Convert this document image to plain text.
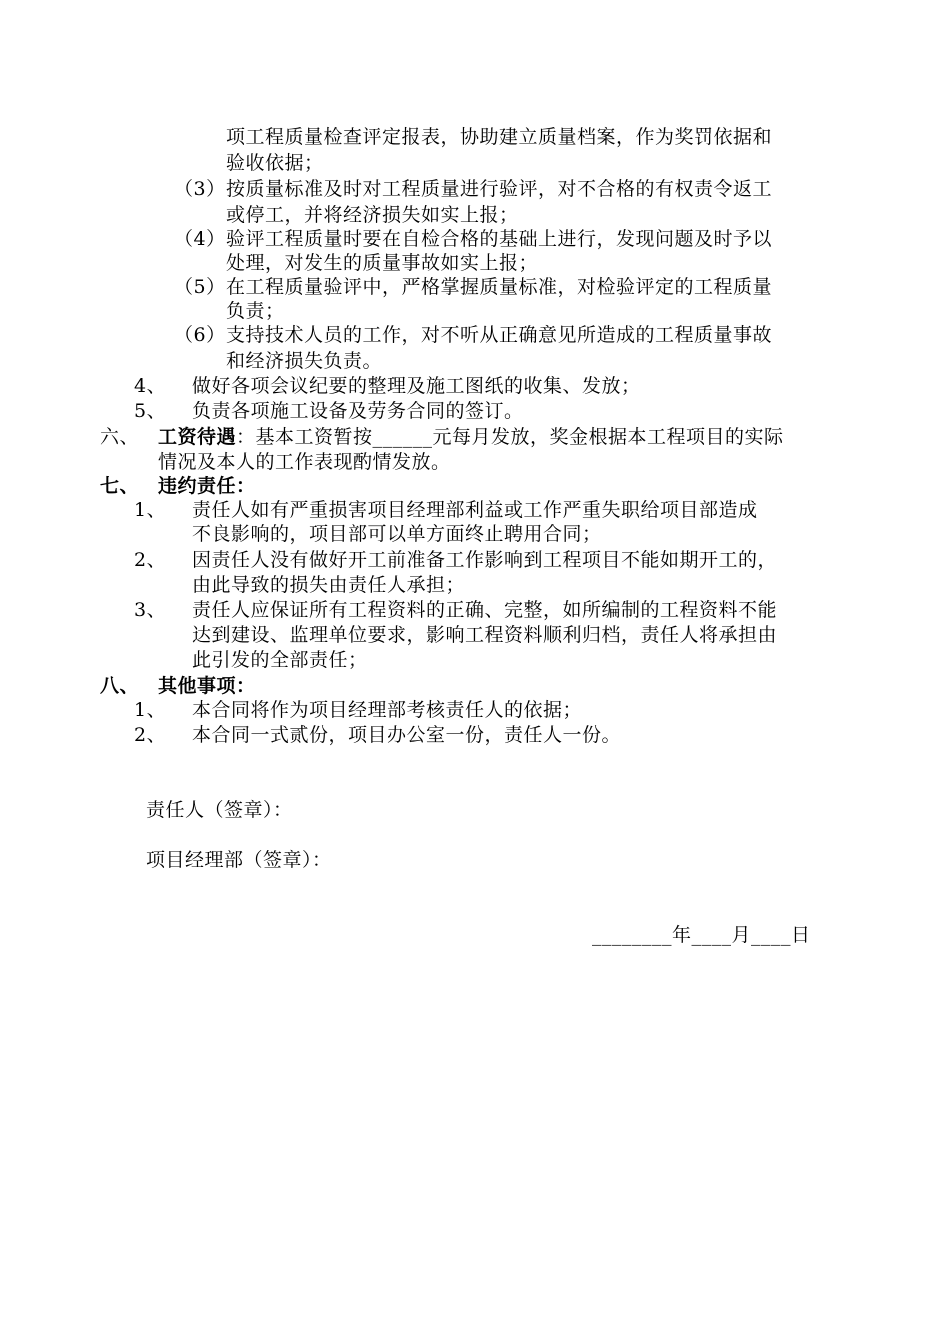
项工程质量检查评定报表，协助建立质量档案，作为奖罚依据和
验收依据；
（3） 按质量标准及时对工程质量进行验评，对不合格的有权责令返工
或停工，并将经济损失如实上报；
（4） 验评工程质量时要在自检合格的基础上进行，发现问题及时予以
处理，对发生的质量事故如实上报；
（5） 在工程质量验评中，严格掌握质量标准，对检验评定的工程质量
负责；
（6） 支持技术人员的工作，对不听从正确意见所造成的工程质量事故
和经济损失负责。
4、 做好各项会议纪要的整理及施工图纸的收集、发放；
5、 负责各项施工设备及劳务合同的签订。
六、 工资待遇：基本工资暂按______元每月发放，奖金根据本工程项目的实际
情况及本人的工作表现酌情发放。
七、 违约责任：
1、 责任人如有严重损害项目经理部利益或工作严重失职给项目部造成
不良影响的，项目部可以单方面终止聘用合同；
2、 因责任人没有做好开工前准备工作影响到工程项目不能如期开工的，
由此导致的损失由责任人承担；
3、 责任人应保证所有工程资料的正确、完整，如所编制的工程资料不能
达到建设、监理单位要求，影响工程资料顺利归档，责任人将承担由
此引发的全部责任；
八、 其他事项：
1、 本合同将作为项目经理部考核责任人的依据；
2、 本合同一式贰份，项目办公室一份，责任人一份。
责任人（签章）：
项目经理部（签章）：
________年____月____日
